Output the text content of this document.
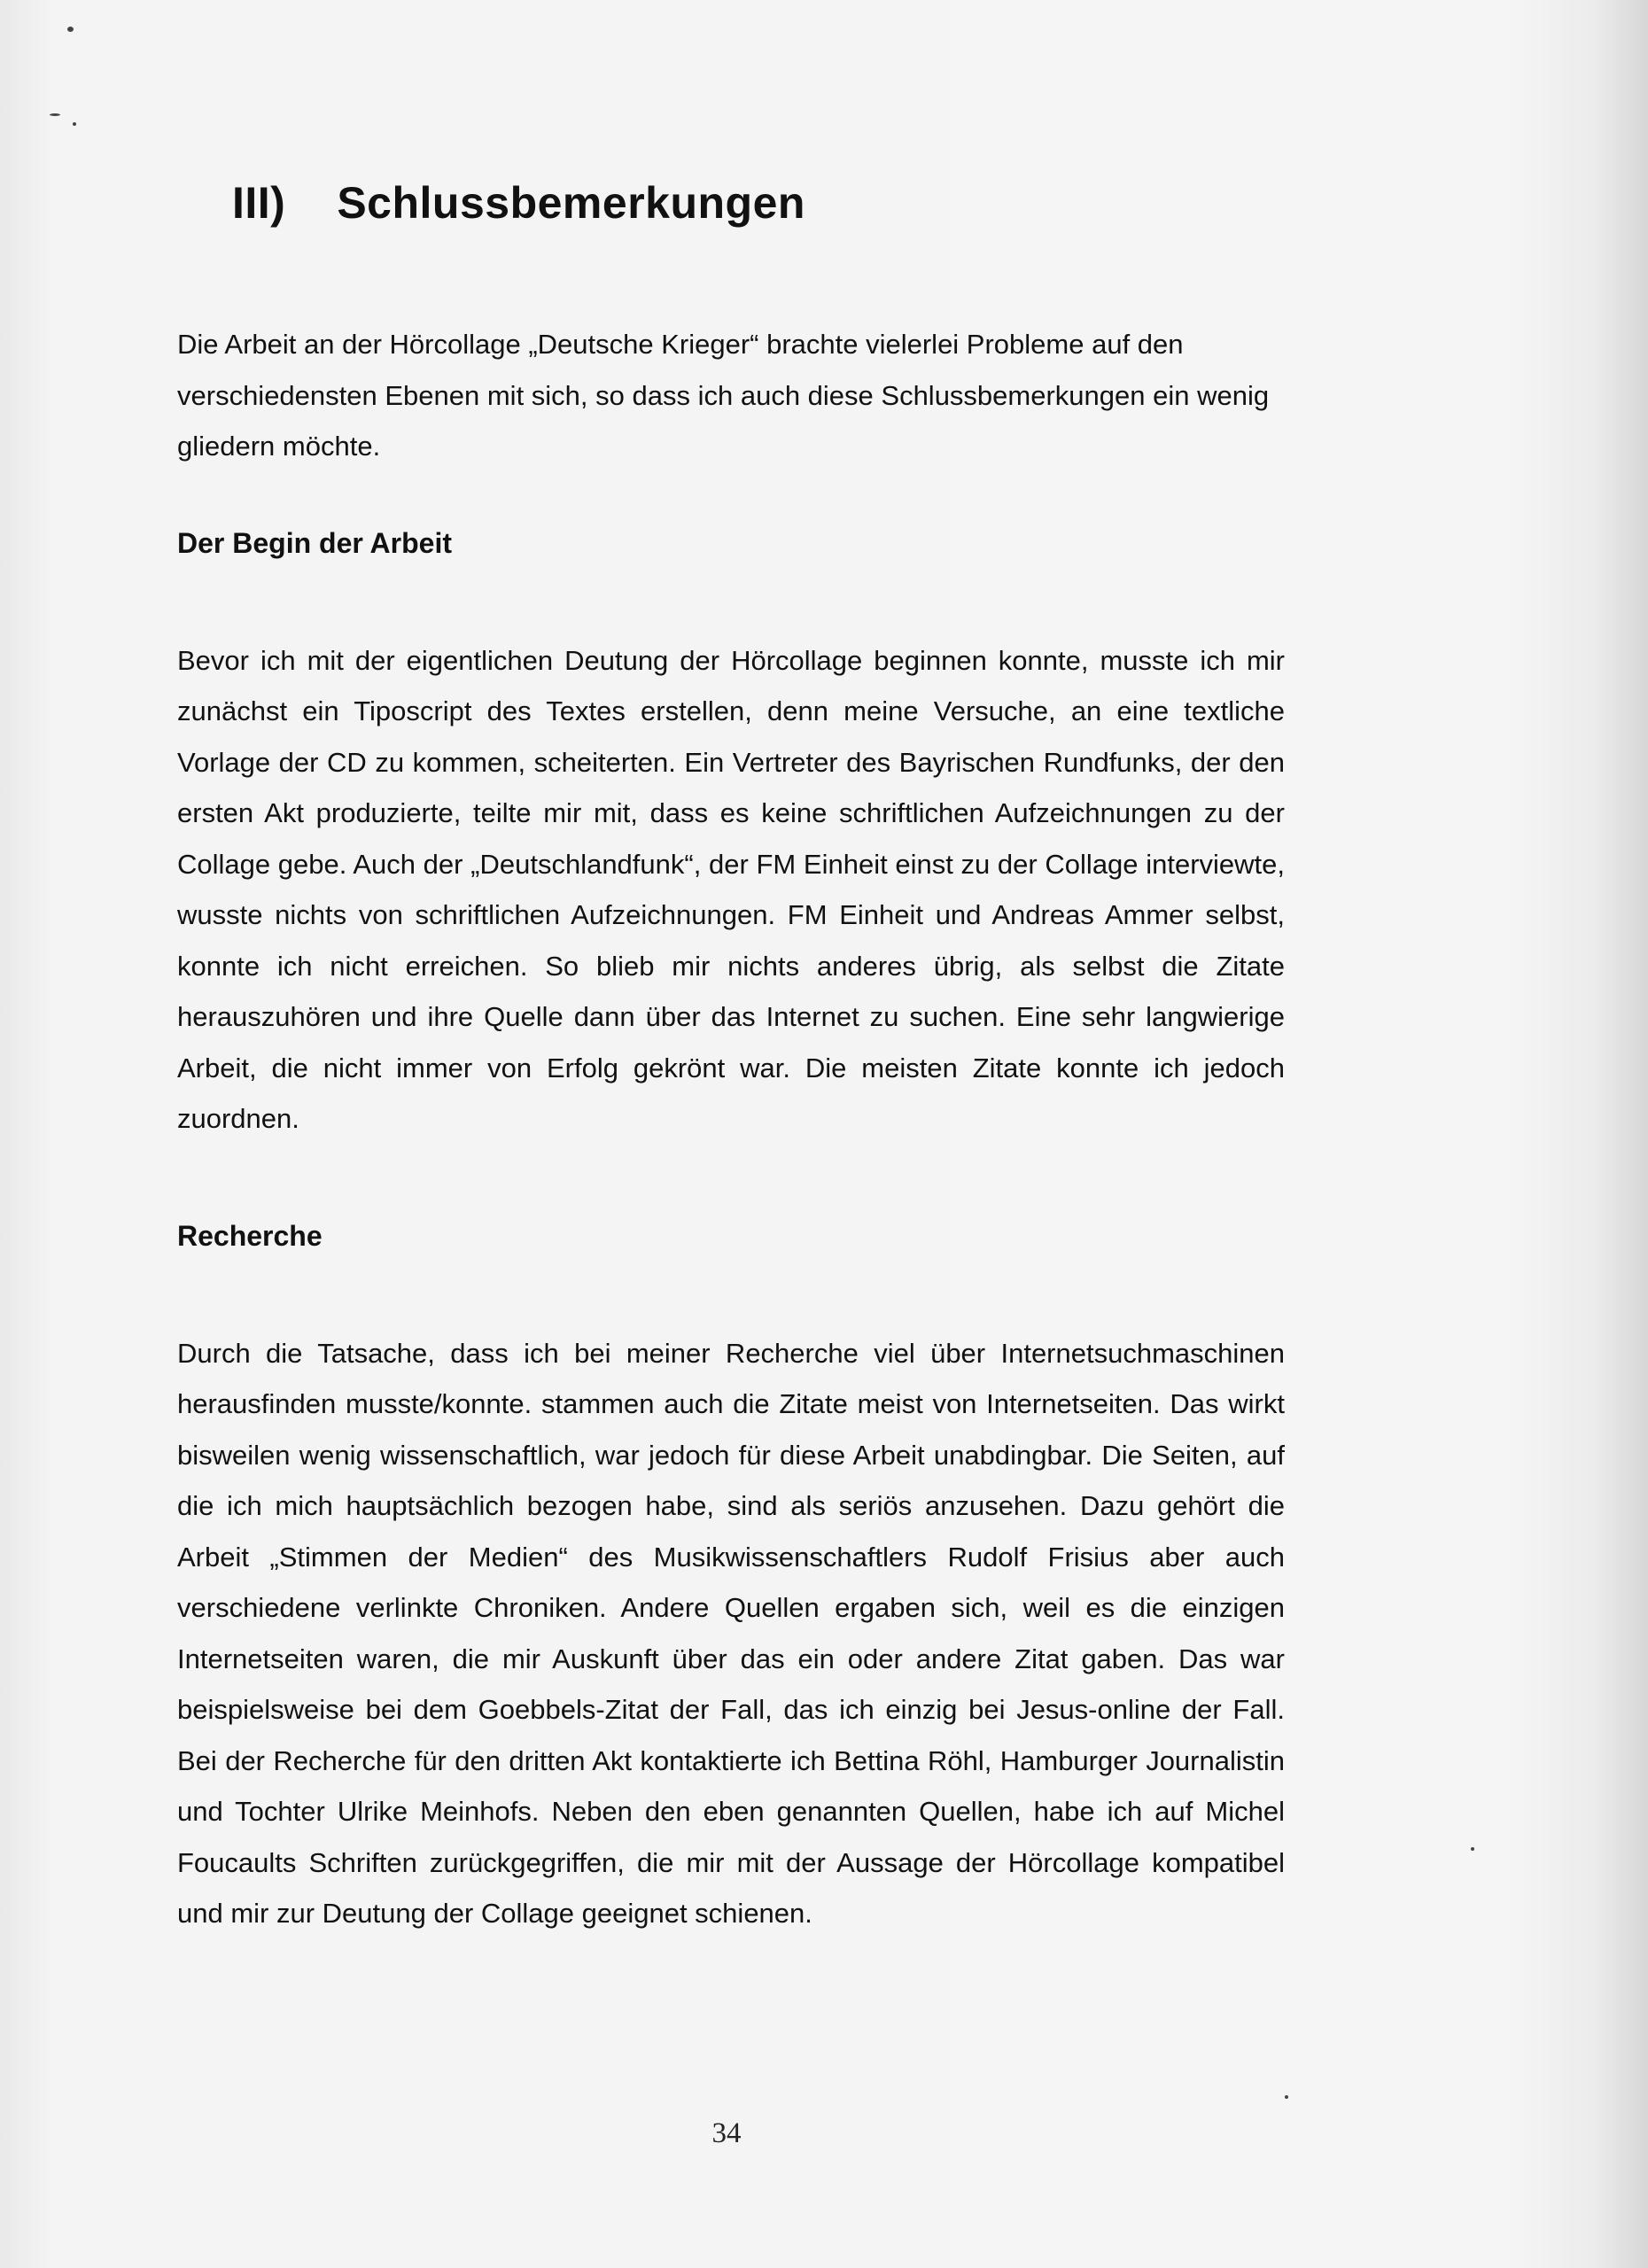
III) Schlussbemerkungen

Die Arbeit an der Hörcollage „Deutsche Krieger“ brachte vielerlei Probleme auf den verschiedensten Ebenen mit sich, so dass ich auch diese Schlussbemerkungen ein wenig gliedern möchte.

Der Begin der Arbeit

Bevor ich mit der eigentlichen Deutung der Hörcollage beginnen konnte, musste ich mir zunächst ein Tiposcript des Textes erstellen, denn meine Versuche, an eine textliche Vorlage der CD zu kommen, scheiterten. Ein Vertreter des Bayrischen Rundfunks, der den ersten Akt produzierte, teilte mir mit, dass es keine schriftlichen Aufzeichnungen zu der Collage gebe. Auch der „Deutschlandfunk“, der FM Einheit einst zu der Collage interviewte, wusste nichts von schriftlichen Aufzeichnungen. FM Einheit und Andreas Ammer selbst, konnte ich nicht erreichen. So blieb mir nichts anderes übrig, als selbst die Zitate herauszuhören und ihre Quelle dann über das Internet zu suchen. Eine sehr langwierige Arbeit, die nicht immer von Erfolg gekrönt war. Die meisten Zitate konnte ich jedoch zuordnen.

Recherche

Durch die Tatsache, dass ich bei meiner Recherche viel über Internetsuchmaschinen herausfinden musste/konnte. stammen auch die Zitate meist von Internetseiten. Das wirkt bisweilen wenig wissenschaftlich, war jedoch für diese Arbeit unabdingbar. Die Seiten, auf die ich mich hauptsächlich bezogen habe, sind als seriös anzusehen. Dazu gehört die Arbeit „Stimmen der Medien“ des Musikwissenschaftlers Rudolf Frisius aber auch verschiedene verlinkte Chroniken. Andere Quellen ergaben sich, weil es die einzigen Internetseiten waren, die mir Auskunft über das ein oder andere Zitat gaben. Das war beispielsweise bei dem Goebbels-Zitat der Fall, das ich einzig bei Jesus-online der Fall. Bei der Recherche für den dritten Akt kontaktierte ich Bettina Röhl, Hamburger Journalistin und Tochter Ulrike Meinhofs. Neben den eben genannten Quellen, habe ich auf Michel Foucaults Schriften zurückgegriffen, die mir mit der Aussage der Hörcollage kompatibel und mir zur Deutung der Collage geeignet schienen.

34
